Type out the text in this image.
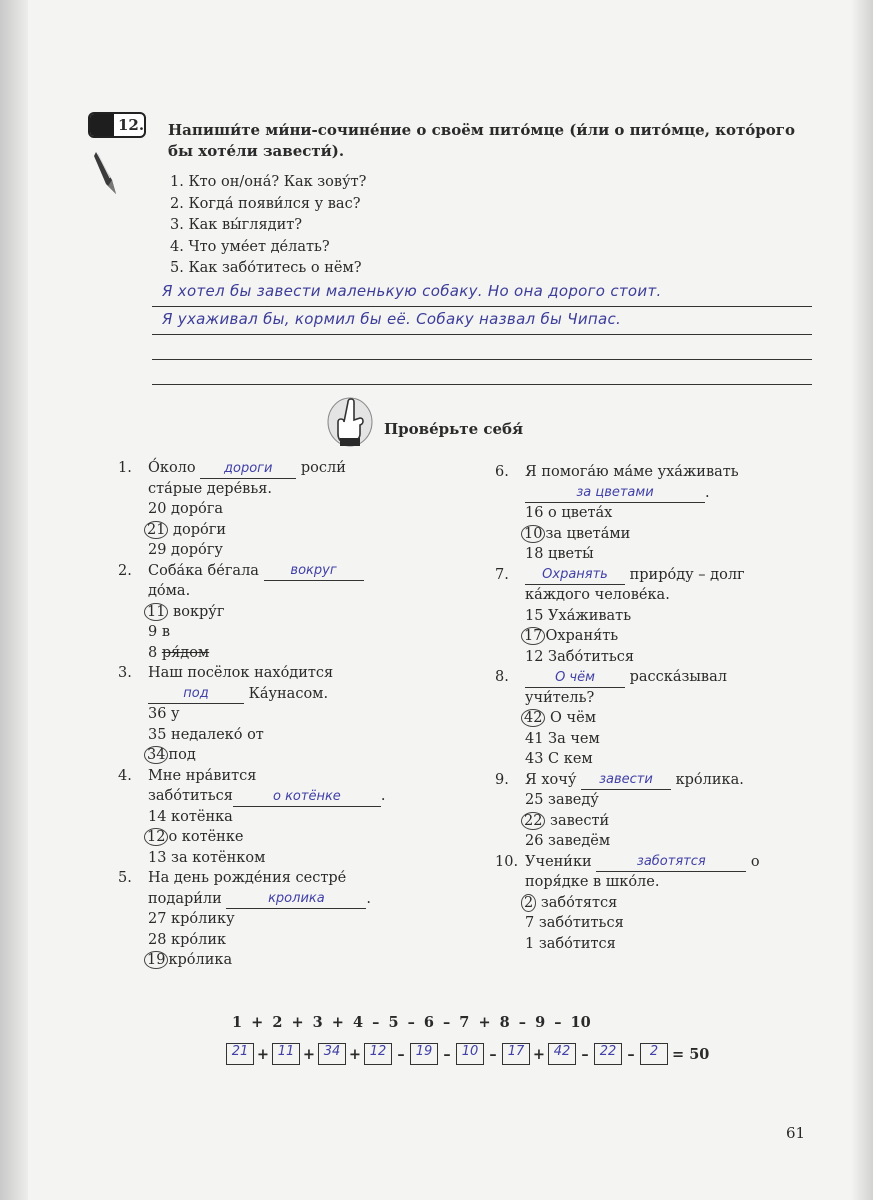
12. Напиши́те ми́ни-сочине́ние о своём пито́мце (и́ли о пито́мце, кото́рого бы хоте́ли завести́).
1. Кто он/она́? Как зову́т?
2. Когда́ появи́лся у вас?
3. Как вы́глядит?
4. Что уме́ет де́лать?
5. Как забо́титесь о нём?
Я хотел бы завести маленькую собаку. Но она дорого стоит.
Я ухаживал бы, кормил бы её. Собаку назвал бы Чипас.
Прове́рьте себя́
1. О́коло дороги росли́
ста́рые дере́вья.
20 доро́га
21 доро́ги
29 доро́гу
2. Соба́ка бе́гала вокруг
до́ма.
11 вокру́г
9 в
8 ря́дом
3. Наш посёлок нахо́дится
под	Ка́унасом.
36 у
35 недалеко́ от
34 под
4. Мне нра́вится
забо́титься	о котёнке	.
14 котёнка
12 о котёнке
13 за котёнком
5. На день рожде́ния сестре́
подари́ли	кролика	.
27 кро́лику
28 кро́лик
19 кро́лика
6. Я помога́ю ма́ме уха́живать
за цветами	.
16 о цвета́х
10 за цвета́ми
18 цветы́
7.	Охранять приро́ду – долг
ка́ждого челове́ка.
15 Уха́живать
17 Охраня́ть
12 Забо́титься
8.	О чём расска́зывал
учи́тель?
42 О чём
41 За чем
43 С кем
9. Я хочу́ завести кро́лика.
25 заведу́
22 завести́
26 заведём
10. Учени́ки	заботятся	о
поря́дке в шко́ле.
2 забо́тятся
7 забо́титься
1 забо́тится
1 + 2 + 3 + 4 – 5 – 6 – 7 + 8 – 9 – 10
21 + 11 + 34 + 12 – 19 – 10 – 17 + 42 – 22 –	2 = 50
61
